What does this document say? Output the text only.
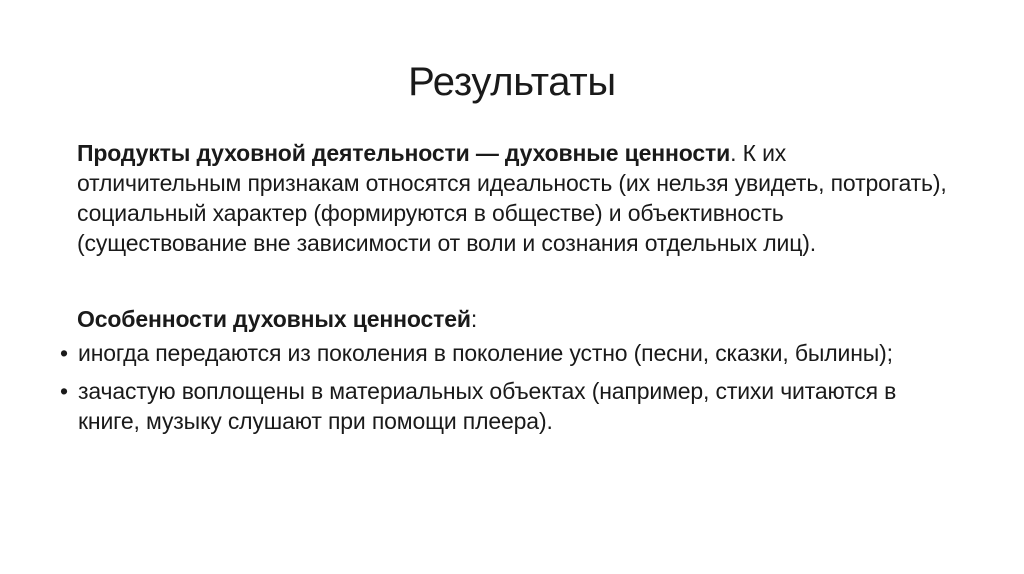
Результаты

Продукты духовной деятельности — духовные ценности. К их отличительным признакам относятся идеальность (их нельзя увидеть, потрогать), социальный характер (формируются в обществе) и объективность (существование вне зависимости от воли и сознания отдельных лиц).

Особенности духовных ценностей:

• иногда передаются из поколения в поколение устно (песни, сказки, былины);
• зачастую воплощены в материальных объектах (например, стихи читаются в книге, музыку слушают при помощи плеера).
